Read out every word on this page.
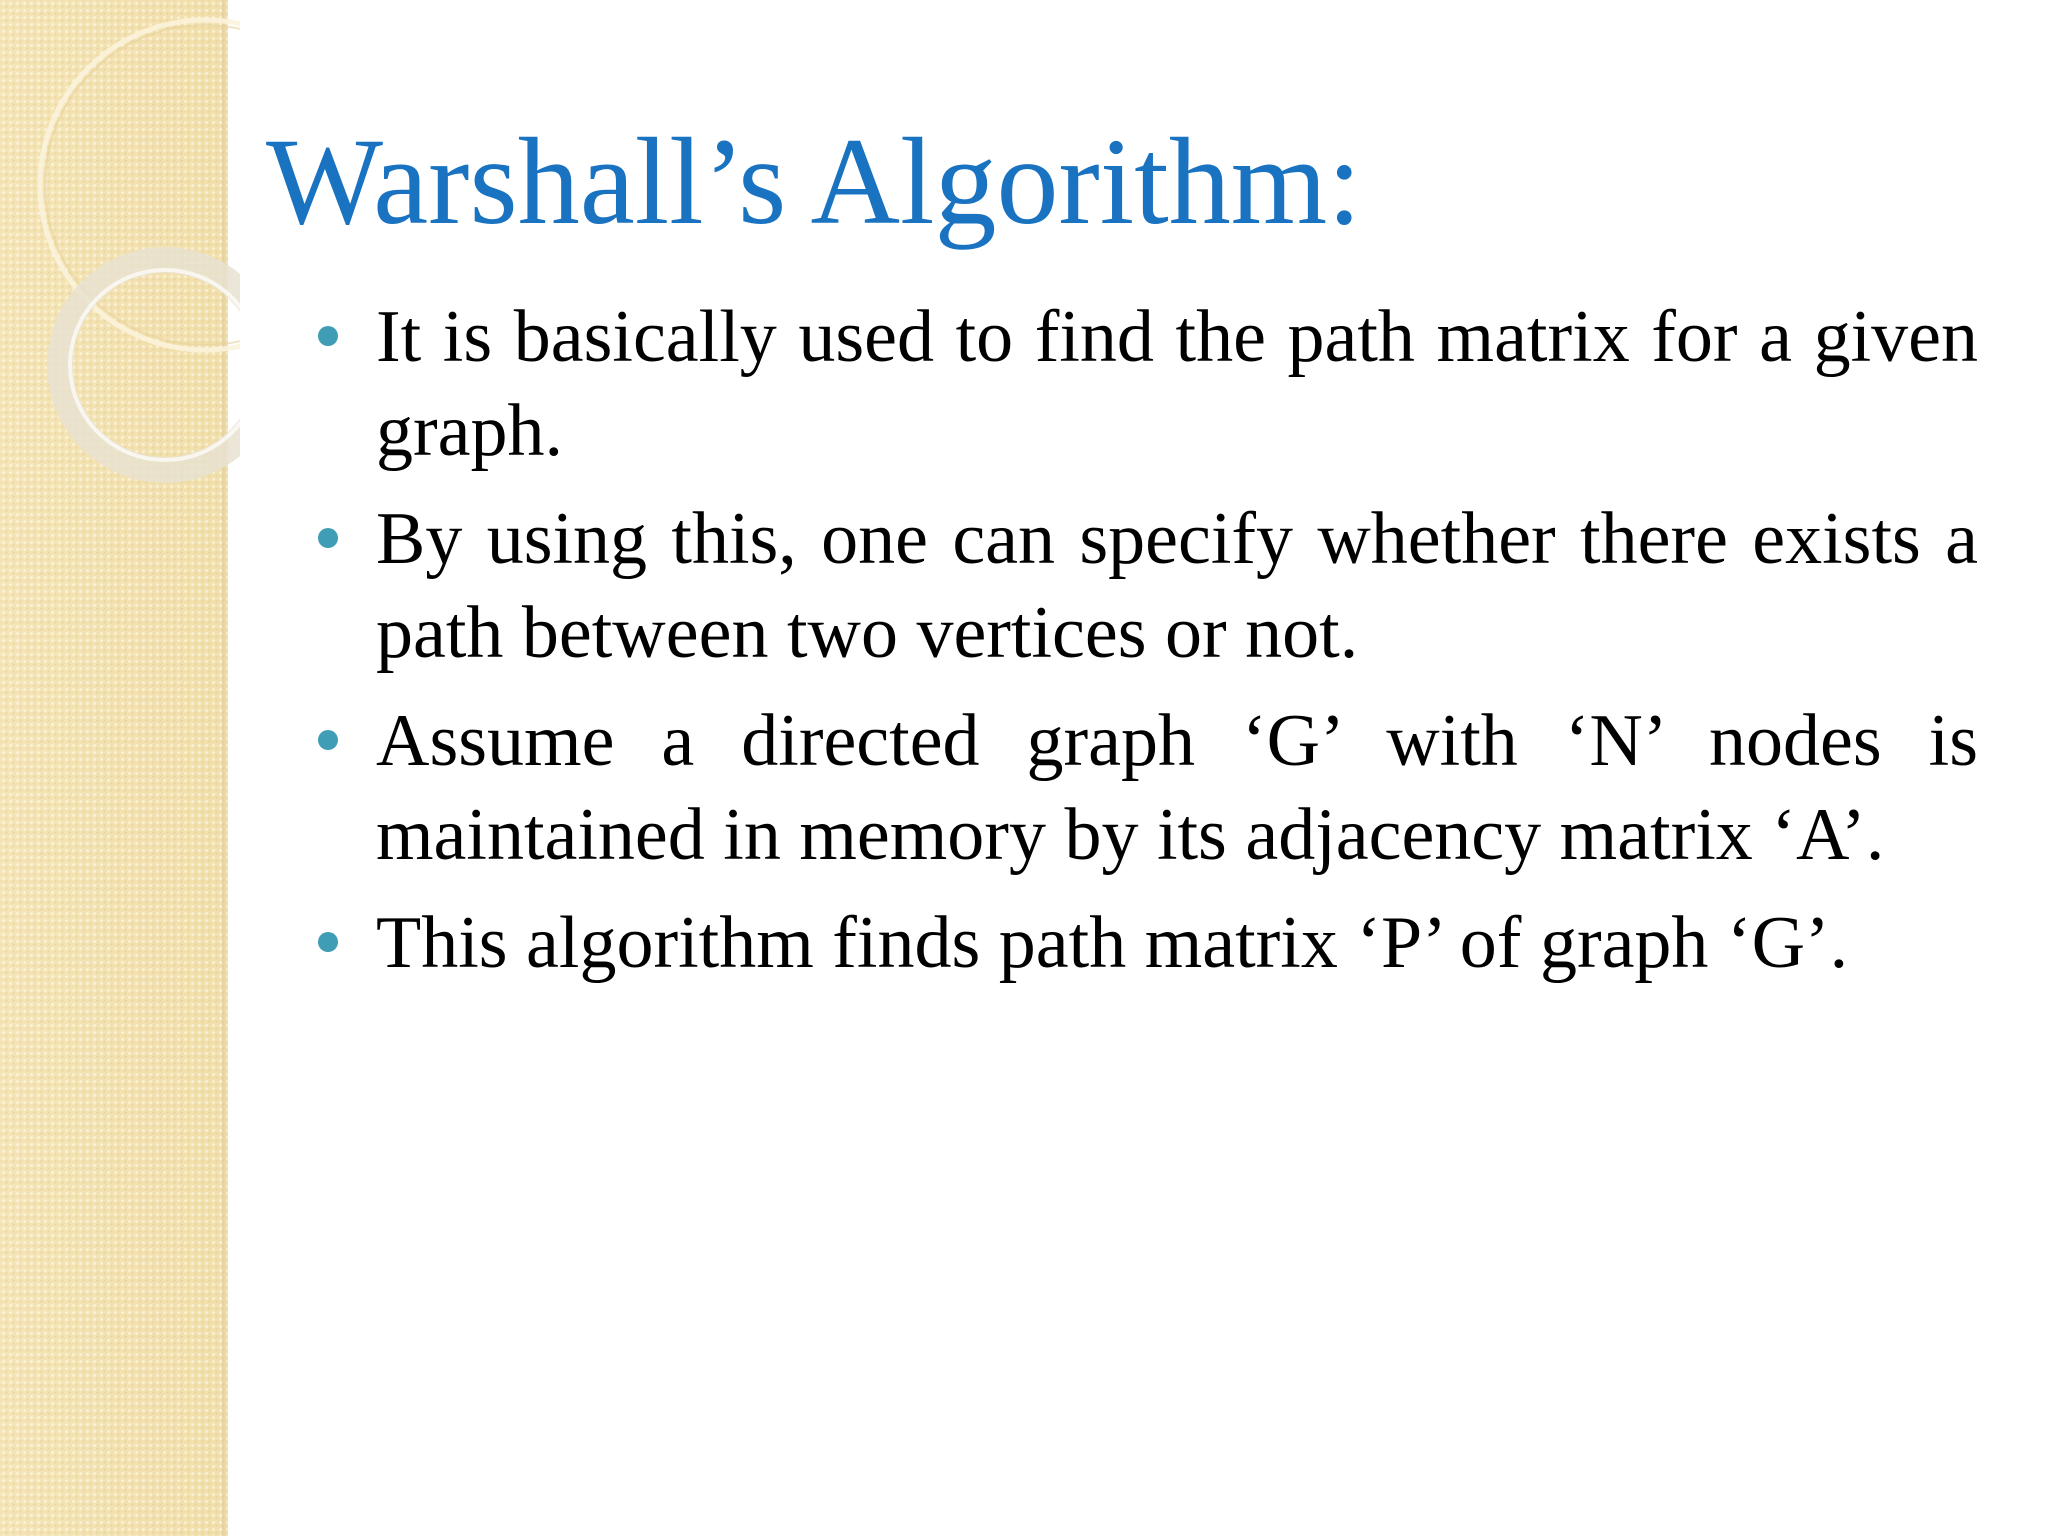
Warshall’s Algorithm:
It is basically used to find the path matrix for a given graph.
By using this, one can specify whether there exists a path between two vertices or not.
Assume a directed graph ‘G’ with ‘N’ nodes is maintained in memory by its adjacency matrix ‘A’.
This algorithm finds path matrix ‘P’ of graph ‘G’.
